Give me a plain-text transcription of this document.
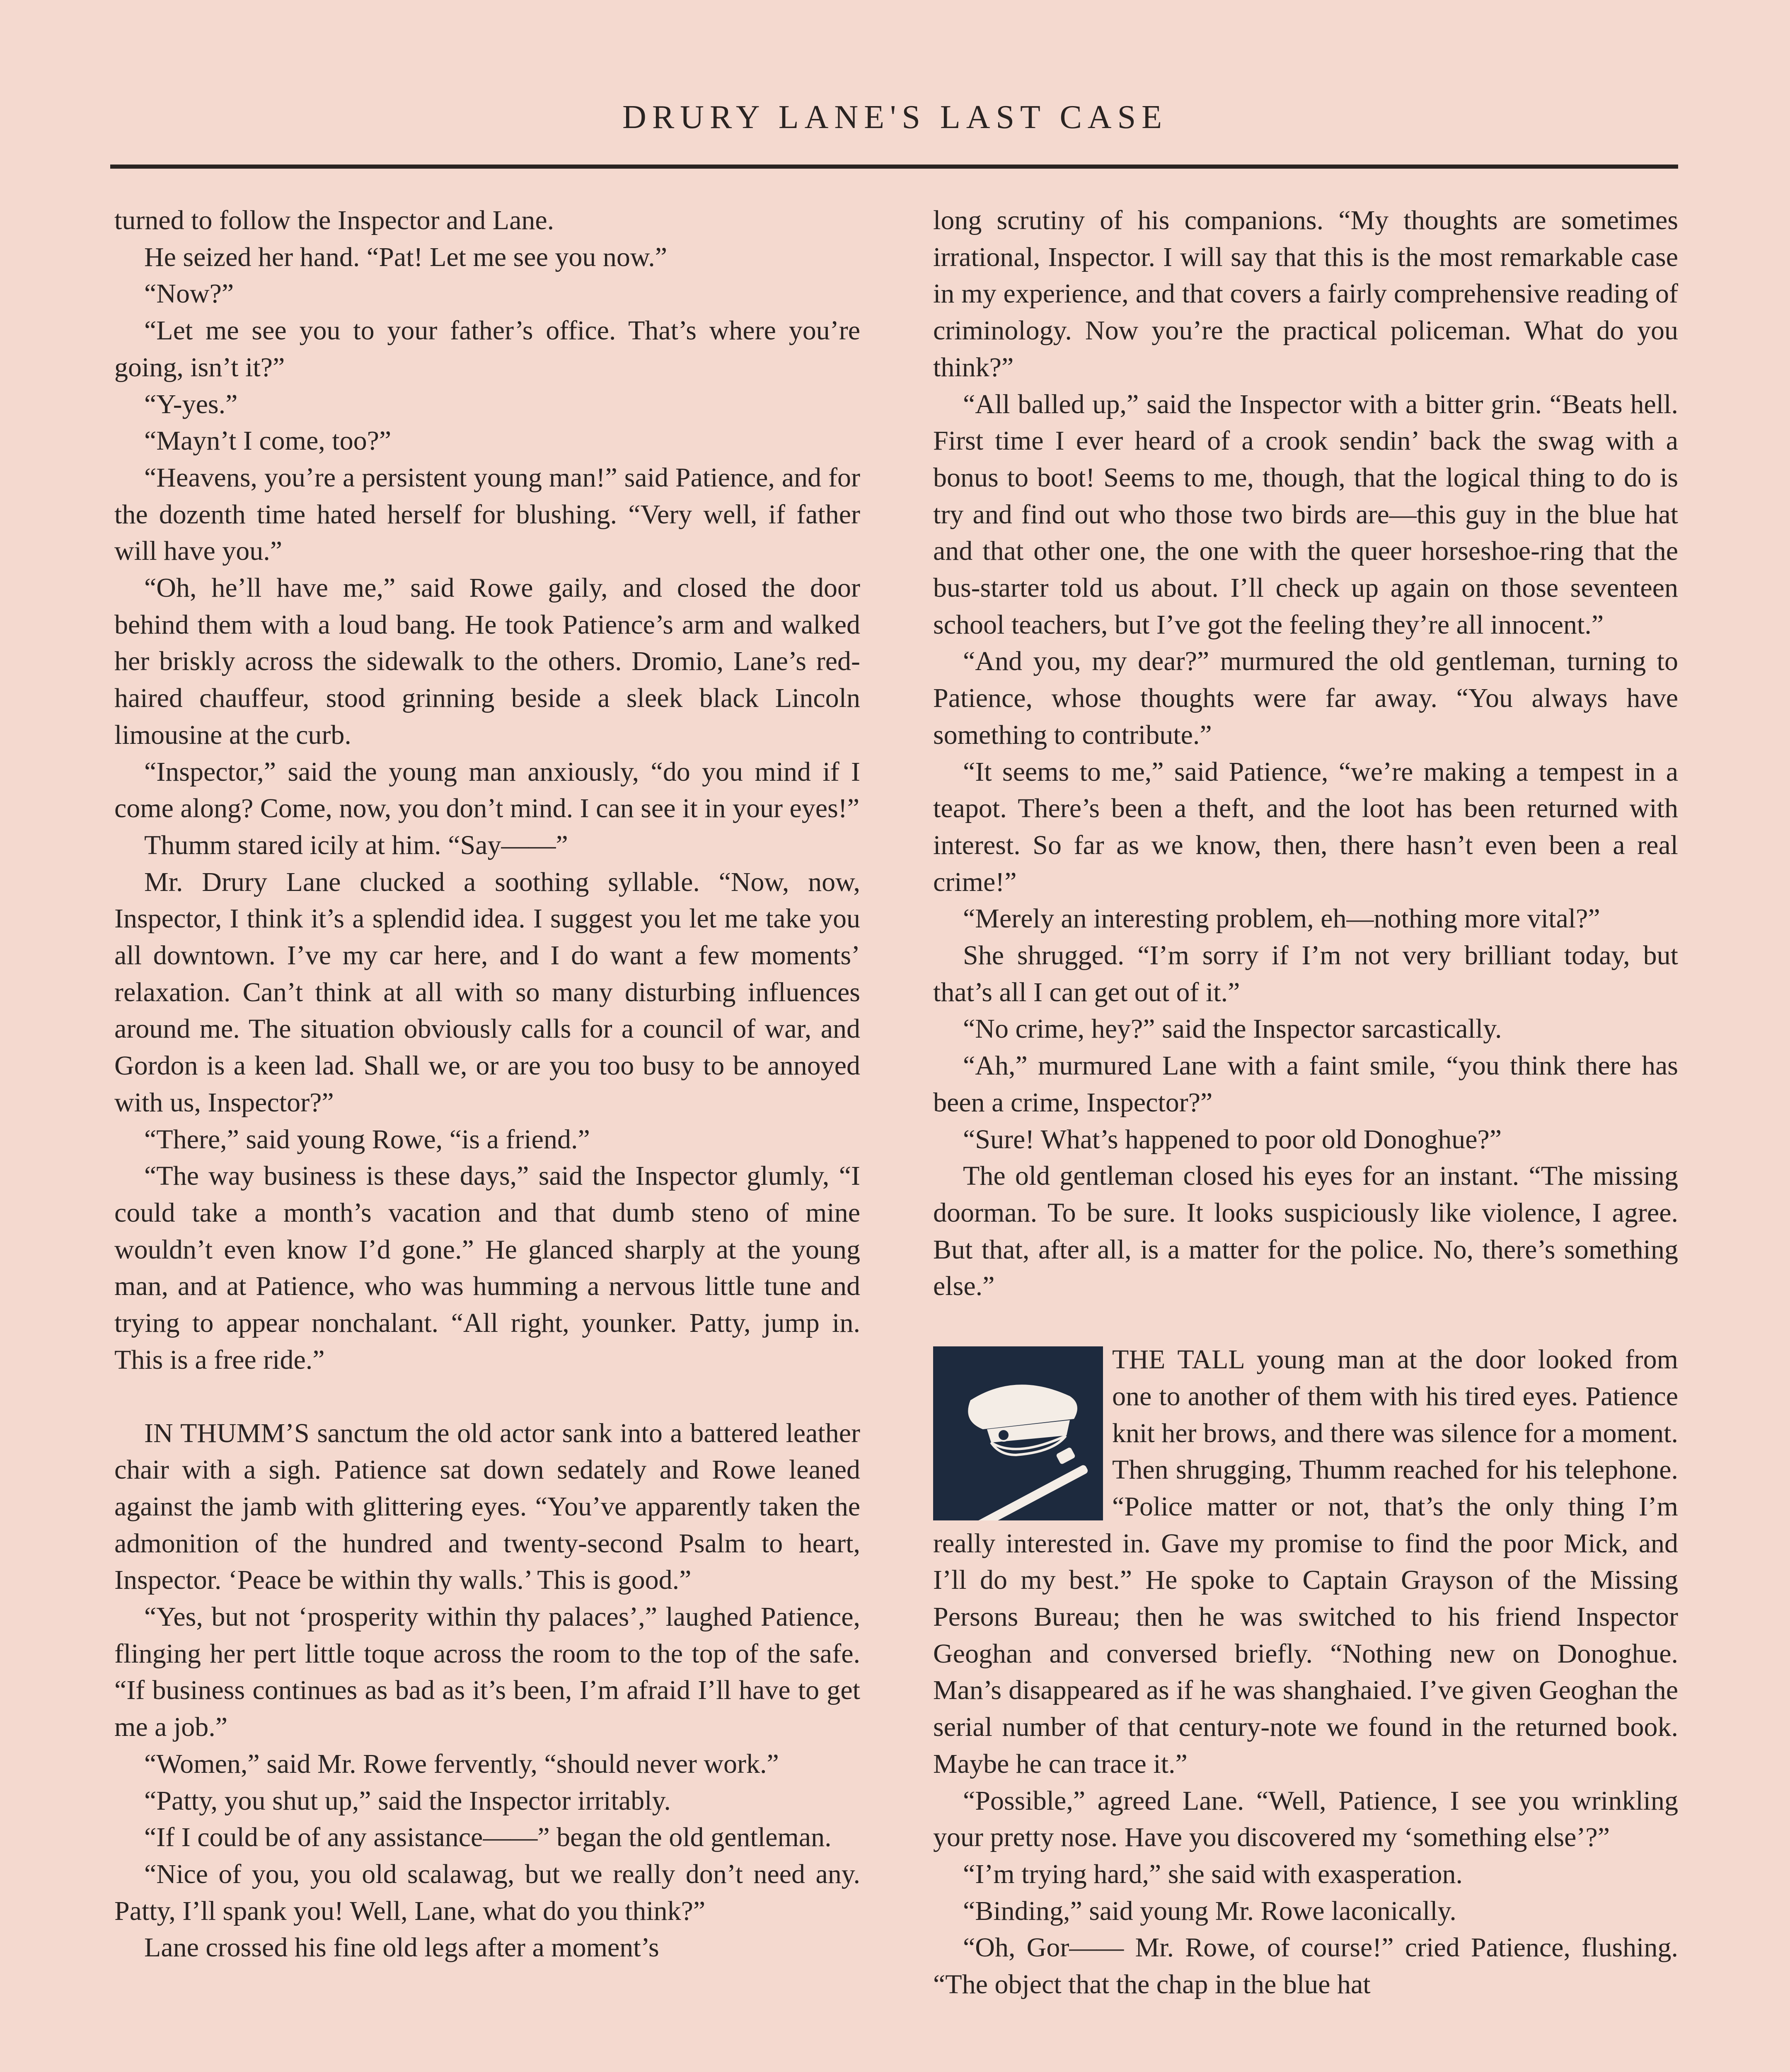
DRURY LANE'S LAST CASE

turned to follow the Inspector and Lane.

He seized her hand. “Pat! Let me see you now.”

“Now?”

“Let me see you to your father’s office. That’s where you’re going, isn’t it?”

“Y-yes.”

“Mayn’t I come, too?”

“Heavens, you’re a persistent young man!” said Patience, and for the dozenth time hated herself for blushing. “Very well, if father will have you.”

“Oh, he’ll have me,” said Rowe gaily, and closed the door behind them with a loud bang. He took Patience’s arm and walked her briskly across the sidewalk to the others. Dromio, Lane’s red-haired chauffeur, stood grinning beside a sleek black Lincoln limousine at the curb.

“Inspector,” said the young man anxiously, “do you mind if I come along? Come, now, you don’t mind. I can see it in your eyes!”

Thumm stared icily at him. “Say——”

Mr. Drury Lane clucked a soothing syllable. “Now, now, Inspector, I think it’s a splendid idea. I suggest you let me take you all downtown. I’ve my car here, and I do want a few moments’ relaxation. Can’t think at all with so many disturbing influences around me. The situation obviously calls for a council of war, and Gordon is a keen lad. Shall we, or are you too busy to be annoyed with us, Inspector?”

“There,” said young Rowe, “is a friend.”

“The way business is these days,” said the Inspector glumly, “I could take a month’s vacation and that dumb steno of mine wouldn’t even know I’d gone.” He glanced sharply at the young man, and at Patience, who was humming a nervous little tune and trying to appear nonchalant. “All right, younker. Patty, jump in. This is a free ride.”

IN THUMM’S sanctum the old actor sank into a battered leather chair with a sigh. Patience sat down sedately and Rowe leaned against the jamb with glittering eyes. “You’ve apparently taken the admonition of the hundred and twenty-second Psalm to heart, Inspector. ‘Peace be within thy walls.’ This is good.”

“Yes, but not ‘prosperity within thy palaces’,” laughed Patience, flinging her pert little toque across the room to the top of the safe. “If business continues as bad as it’s been, I’m afraid I’ll have to get me a job.”

“Women,” said Mr. Rowe fervently, “should never work.”

“Patty, you shut up,” said the Inspector irritably.

“If I could be of any assistance——” began the old gentleman.

“Nice of you, you old scalawag, but we really don’t need any. Patty, I’ll spank you! Well, Lane, what do you think?”

Lane crossed his fine old legs after a moment’s

long scrutiny of his companions. “My thoughts are sometimes irrational, Inspector. I will say that this is the most remarkable case in my experience, and that covers a fairly comprehensive reading of criminology. Now you’re the practical policeman. What do you think?”

“All balled up,” said the Inspector with a bitter grin. “Beats hell. First time I ever heard of a crook sendin’ back the swag with a bonus to boot! Seems to me, though, that the logical thing to do is try and find out who those two birds are—this guy in the blue hat and that other one, the one with the queer horseshoe-ring that the bus-starter told us about. I’ll check up again on those seventeen school teachers, but I’ve got the feeling they’re all innocent.”

“And you, my dear?” murmured the old gentleman, turning to Patience, whose thoughts were far away. “You always have something to contribute.”

“It seems to me,” said Patience, “we’re making a tempest in a teapot. There’s been a theft, and the loot has been returned with interest. So far as we know, then, there hasn’t even been a real crime!”

“Merely an interesting problem, eh—nothing more vital?”

She shrugged. “I’m sorry if I’m not very brilliant today, but that’s all I can get out of it.”

“No crime, hey?” said the Inspector sarcastically.

“Ah,” murmured Lane with a faint smile, “you think there has been a crime, Inspector?”

“Sure! What’s happened to poor old Donoghue?”

The old gentleman closed his eyes for an instant. “The missing doorman. To be sure. It looks suspiciously like violence, I agree. But that, after all, is a matter for the police. No, there’s something else.”

THE TALL young man at the door looked from one to another of them with his tired eyes. Patience knit her brows, and there was silence for a moment. Then shrugging, Thumm reached for his telephone. “Police matter or not, that’s the only thing I’m really interested in. Gave my promise to find the poor Mick, and I’ll do my best.” He spoke to Captain Grayson of the Missing Persons Bureau; then he was switched to his friend Inspector Geoghan and conversed briefly. “Nothing new on Donoghue. Man’s disappeared as if he was shanghaied. I’ve given Geoghan the serial number of that century-note we found in the returned book. Maybe he can trace it.”

“Possible,” agreed Lane. “Well, Patience, I see you wrinkling your pretty nose. Have you discovered my ‘something else’?”

“I’m trying hard,” she said with exasperation.

“Binding,” said young Mr. Rowe laconically.

“Oh, Gor—— Mr. Rowe, of course!” cried Patience, flushing. “The object that the chap in the blue hat
